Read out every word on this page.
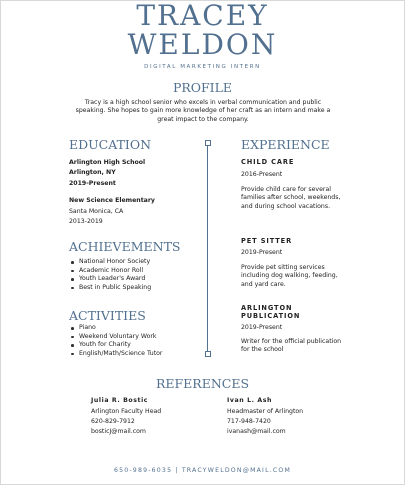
TRACEY
WELDON
DIGITAL MARKETING INTERN
PROFILE
Tracy is a high school senior who excels in verbal communication and public speaking. She hopes to gain more knowledge of her craft as an intern and make a great impact to the company.
EDUCATION
Arlington High School
Arlington, NY
2019-Present
New Science Elementary
Santa Monica, CA
2013-2019
ACHIEVEMENTS
National Honor Society
Academic Honor Roll
Youth Leader's Award
Best in Public Speaking
ACTIVITIES
Piano
Weekend Voluntary Work
Youth for Charity
English/Math/Science Tutor
EXPERIENCE
CHILD CARE
2016-Present
Provide child care for several families after school, weekends, and during school vacations.
PET SITTER
2019-Present
Provide pet sitting services including dog walking, feeding, and yard care.
ARLINGTON PUBLICATION
2019-Present
Writer for the official publication for the school
REFERENCES
Julia R. Bostic
Arlington Faculty Head
620-829-7912
bosticJ@mail.com
Ivan L. Ash
Headmaster of Arlington
717-948-7420
ivanash@mail.com
650-989-6035 | TRACYWELDON@MAIL.COM
